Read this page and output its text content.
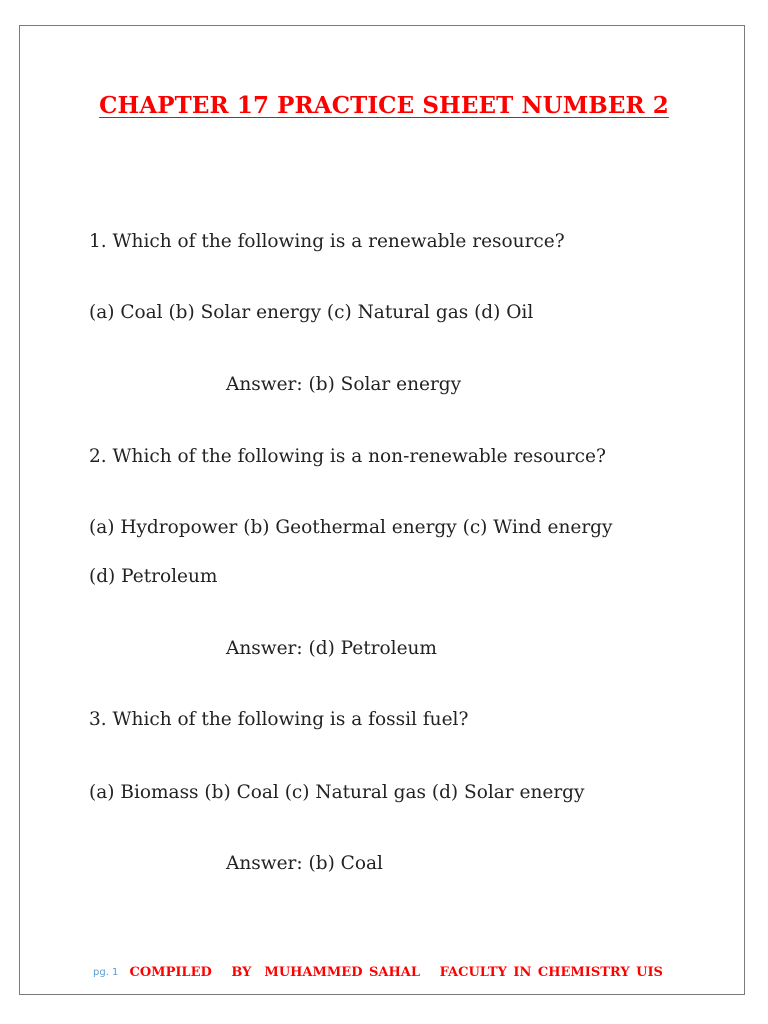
CHAPTER 17 PRACTICE SHEET NUMBER 2
1. Which of the following is a renewable resource?
(a) Coal (b) Solar energy (c) Natural gas (d) Oil
Answer: (b) Solar energy
2. Which of the following is a non-renewable resource?
(a) Hydropower (b) Geothermal energy (c) Wind energy
(d) Petroleum
Answer: (d) Petroleum
3. Which of the following is a fossil fuel?
(a) Biomass (b) Coal (c) Natural gas (d) Solar energy
Answer: (b) Coal
pg. 1 COMPILED   BY  MUHAMMED SAHAL   FACULTY IN CHEMISTRY UIS
